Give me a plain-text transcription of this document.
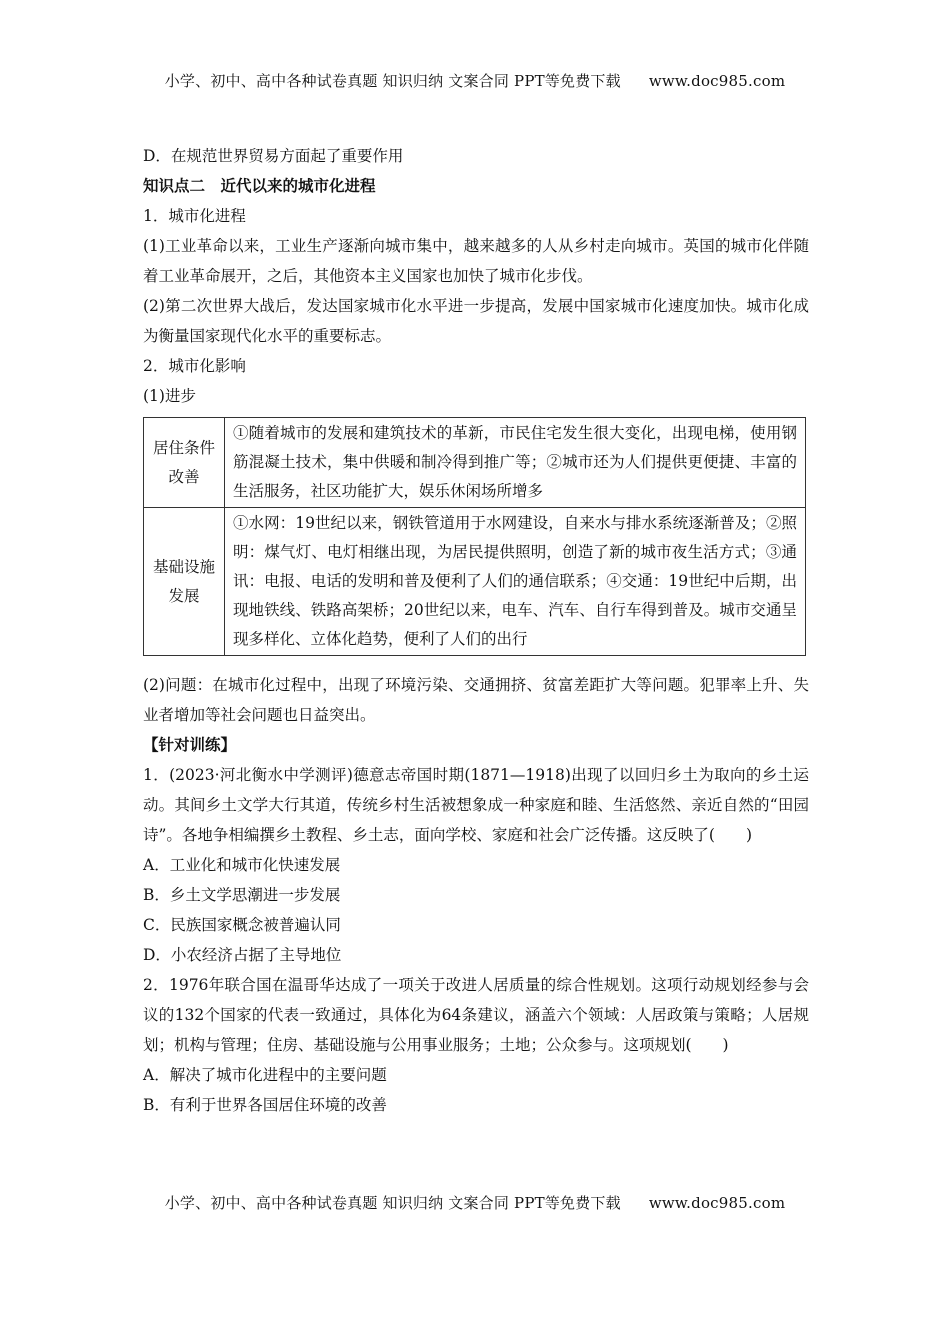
小学、初中、高中各种试卷真题 知识归纳 文案合同 PPT等免费下载 www.doc985.com

D．在规范世界贸易方面起了重要作用

知识点二　近代以来的城市化进程

1．城市化进程

(1)工业革命以来，工业生产逐渐向城市集中，越来越多的人从乡村走向城市。英国的城市化伴随着工业革命展开，之后，其他资本主义国家也加快了城市化步伐。

(2)第二次世界大战后，发达国家城市化水平进一步提高，发展中国家城市化速度加快。城市化成为衡量国家现代化水平的重要标志。

2．城市化影响

(1)进步

居住条件改善	①随着城市的发展和建筑技术的革新，市民住宅发生很大变化，出现电梯，使用钢筋混凝土技术，集中供暖和制冷得到推广等；②城市还为人们提供更便捷、丰富的生活服务，社区功能扩大，娱乐休闲场所增多
基础设施发展	①水网：19世纪以来，钢铁管道用于水网建设，自来水与排水系统逐渐普及；②照明：煤气灯、电灯相继出现，为居民提供照明，创造了新的城市夜生活方式；③通讯：电报、电话的发明和普及便利了人们的通信联系；④交通：19世纪中后期，出现地铁线、铁路高架桥；20世纪以来，电车、汽车、自行车得到普及。城市交通呈现多样化、立体化趋势，便利了人们的出行

(2)问题：在城市化过程中，出现了环境污染、交通拥挤、贫富差距扩大等问题。犯罪率上升、失业者增加等社会问题也日益突出。

【针对训练】

1．(2023·河北衡水中学测评)德意志帝国时期(1871—1918)出现了以回归乡土为取向的乡土运动。其间乡土文学大行其道，传统乡村生活被想象成一种家庭和睦、生活悠然、亲近自然的“田园诗”。各地争相编撰乡土教程、乡土志，面向学校、家庭和社会广泛传播。这反映了(　　)

A．工业化和城市化快速发展

B．乡土文学思潮进一步发展

C．民族国家概念被普遍认同

D．小农经济占据了主导地位

2．1976年联合国在温哥华达成了一项关于改进人居质量的综合性规划。这项行动规划经参与会议的132个国家的代表一致通过，具体化为64条建议，涵盖六个领域：人居政策与策略；人居规划；机构与管理；住房、基础设施与公用事业服务；土地；公众参与。这项规划(　　)

A．解决了城市化进程中的主要问题

B．有利于世界各国居住环境的改善

小学、初中、高中各种试卷真题 知识归纳 文案合同 PPT等免费下载 www.doc985.com
